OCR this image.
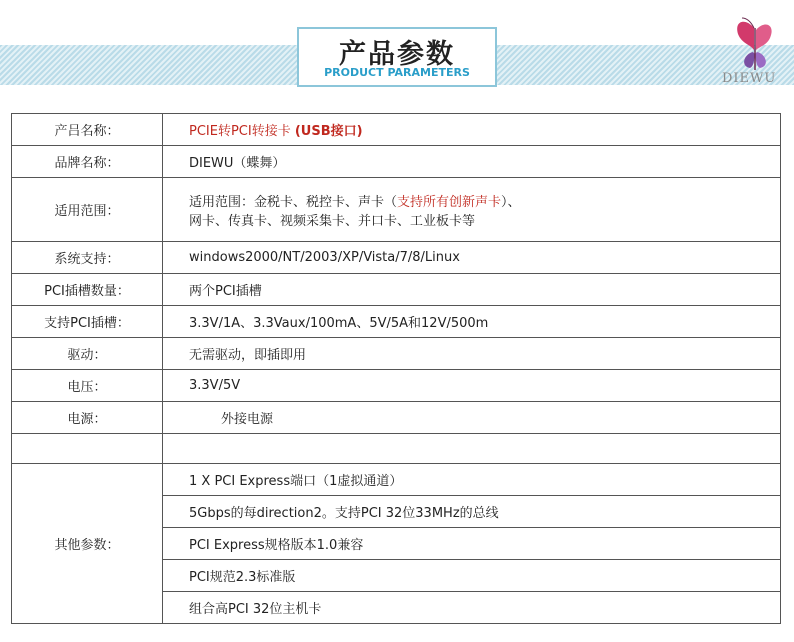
产品参数
PRODUCT PARAMETERS	DIEWU
产吕名称：	PCIE转PCI转接卡 (USB接口)
品牌名称：	DIEWU（蝶舞）
适用范围：	适用范围：金税卡、税控卡、声卡（支持所有创新声卡）、
网卡、传真卡、视频采集卡、并口卡、工业板卡等

系统支持：	windows2000/NT/2003/XP/Vista/7/8/Linux
PCI插槽数量：	两个PCI插槽
支持PCI插槽：	3.3V/1A、3.3Vaux/100mA、5V/5A和12V/500m
驱动：	无需驱动，即插即用
电压：	3.3V/5V
电源：	外接电源

其他参数：	1 X PCI Express端口（1虚拟通道）
	5Gbps的每direction2。支持PCI 32位33MHz的总线
	PCI Express规格版本1.0兼容
	PCI规范2.3标准版
	组合高PCI 32位主机卡
